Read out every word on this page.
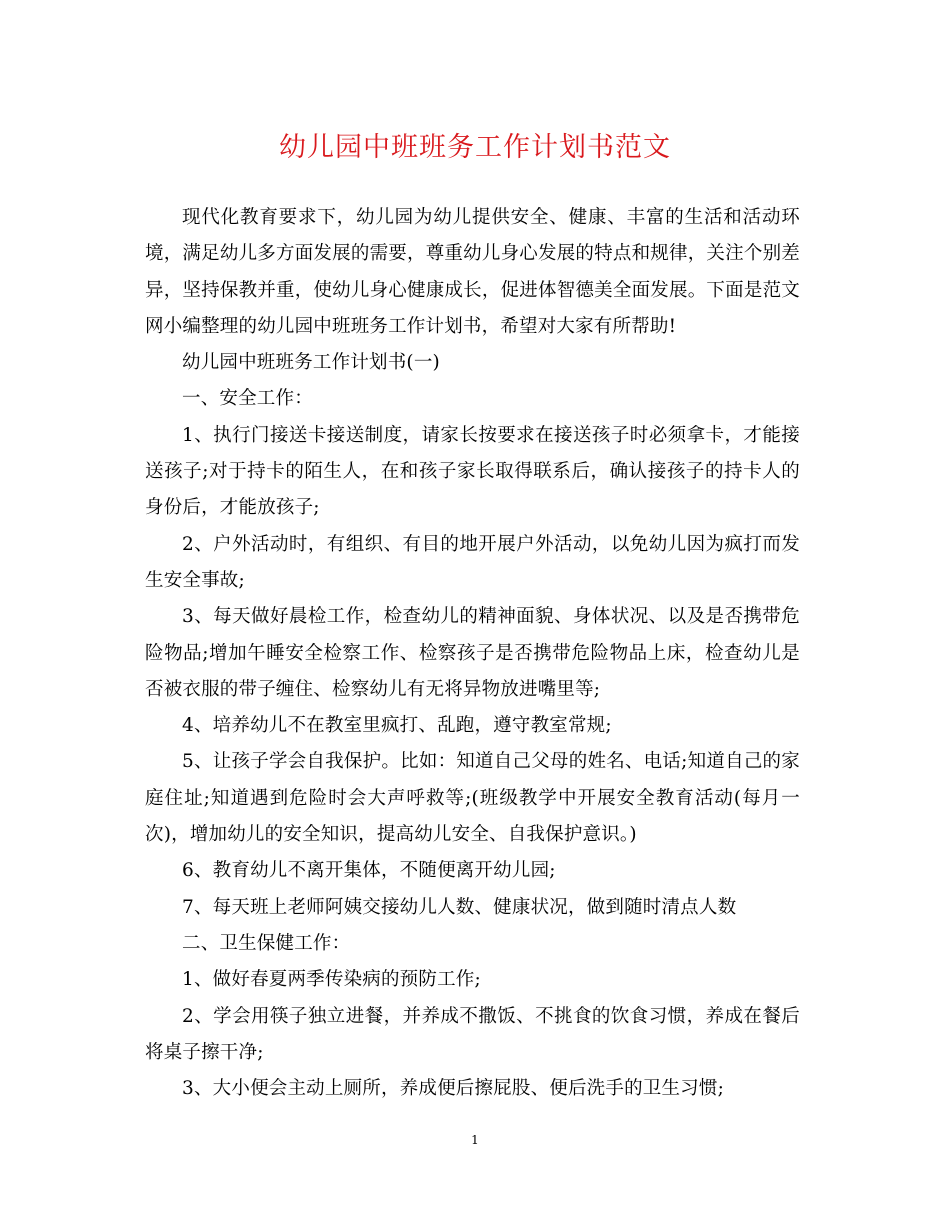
幼儿园中班班务工作计划书范文

现代化教育要求下，幼儿园为幼儿提供安全、健康、丰富的生活和活动环境，满足幼儿多方面发展的需要，尊重幼儿身心发展的特点和规律，关注个别差异，坚持保教并重，使幼儿身心健康成长，促进体智德美全面发展。下面是范文网小编整理的幼儿园中班班务工作计划书，希望对大家有所帮助!

幼儿园中班班务工作计划书(一)

一、安全工作：

1、执行门接送卡接送制度，请家长按要求在接送孩子时必须拿卡，才能接送孩子;对于持卡的陌生人，在和孩子家长取得联系后，确认接孩子的持卡人的身份后，才能放孩子;

2、户外活动时，有组织、有目的地开展户外活动，以免幼儿因为疯打而发生安全事故;

3、每天做好晨检工作，检查幼儿的精神面貌、身体状况、以及是否携带危险物品;增加午睡安全检察工作、检察孩子是否携带危险物品上床，检查幼儿是否被衣服的带子缠住、检察幼儿有无将异物放进嘴里等;

4、培养幼儿不在教室里疯打、乱跑，遵守教室常规;

5、让孩子学会自我保护。比如：知道自己父母的姓名、电话;知道自己的家庭住址;知道遇到危险时会大声呼救等;(班级教学中开展安全教育活动(每月一次)，增加幼儿的安全知识，提高幼儿安全、自我保护意识。)

6、教育幼儿不离开集体，不随便离开幼儿园;

7、每天班上老师阿姨交接幼儿人数、健康状况，做到随时清点人数

二、卫生保健工作：

1、做好春夏两季传染病的预防工作;

2、学会用筷子独立进餐，并养成不撒饭、不挑食的饮食习惯，养成在餐后将桌子擦干净;

3、大小便会主动上厕所，养成便后擦屁股、便后洗手的卫生习惯;

1
